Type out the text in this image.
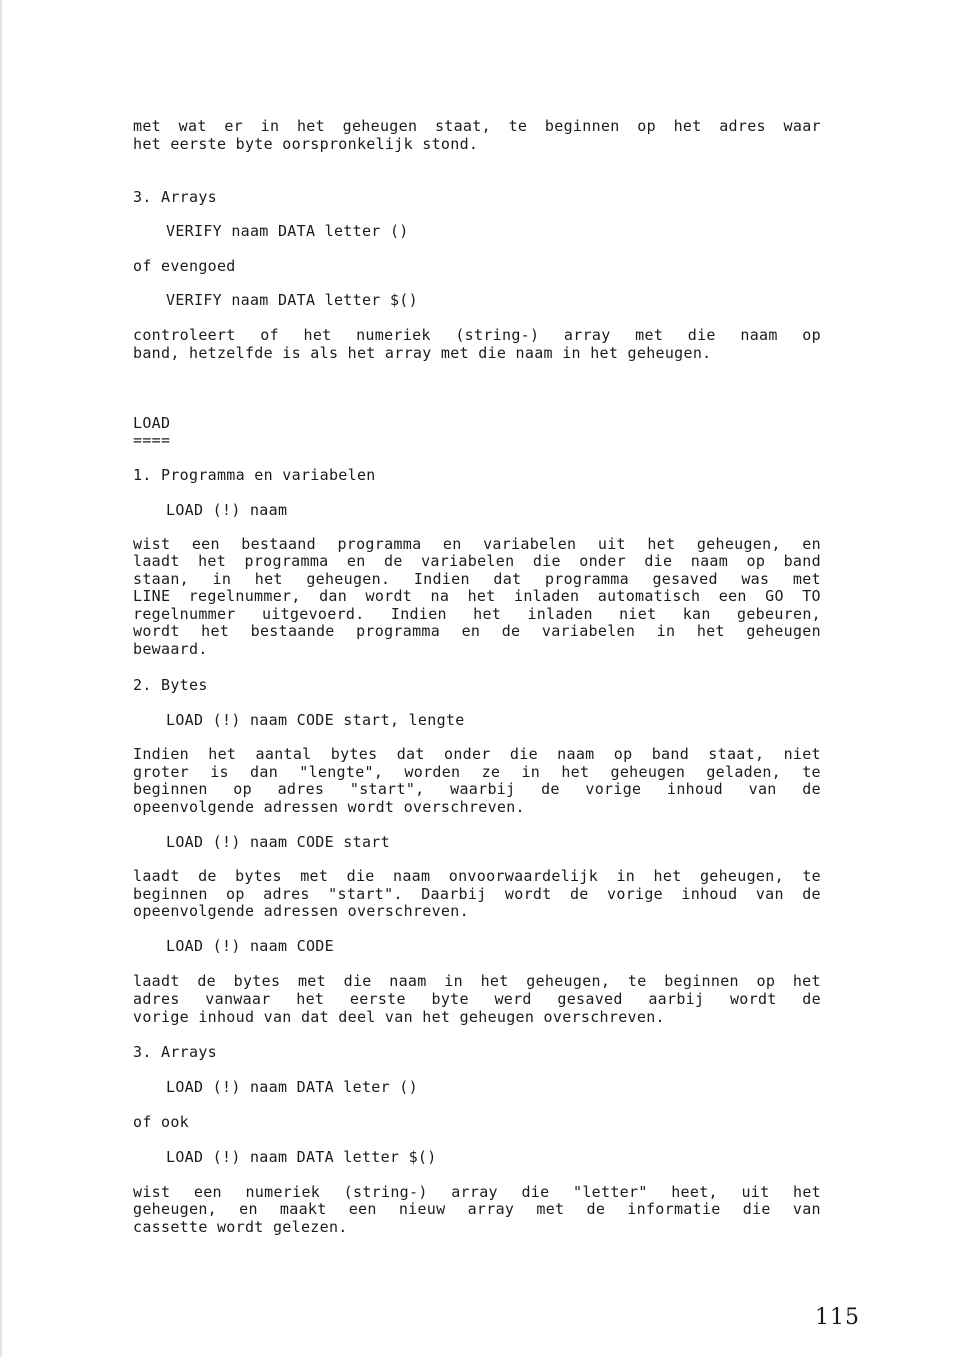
met wat er in het geheugen staat, te beginnen op het adres waar
het eerste byte oorspronkelijk stond.
3. Arrays
VERIFY naam DATA letter ()
of evengoed
VERIFY naam DATA letter $()
controleert of het numeriek (string-) array met die naam op
band, hetzelfde is als het array met die naam in het geheugen.
LOAD
====
1. Programma en variabelen
LOAD (!) naam
wist een bestaand programma en variabelen uit het geheugen, en
laadt het programma en de variabelen die onder die naam op band
staan, in het geheugen. Indien dat programma gesaved was met
LINE regelnummer, dan wordt na het inladen automatisch een GO TO
regelnummer uitgevoerd. Indien het inladen niet kan gebeuren,
wordt het bestaande programma en de variabelen in het geheugen
bewaard.
2. Bytes
LOAD (!) naam CODE start, lengte
Indien het aantal bytes dat onder die naam op band staat, niet
groter is dan "lengte", worden ze in het geheugen geladen, te
beginnen op adres "start", waarbij de vorige inhoud van de
opeenvolgende adressen wordt overschreven.
LOAD (!) naam CODE start
laadt de bytes met die naam onvoorwaardelijk in het geheugen, te
beginnen op adres "start". Daarbij wordt de vorige inhoud van de
opeenvolgende adressen overschreven.
LOAD (!) naam CODE
laadt de bytes met die naam in het geheugen, te beginnen op het
adres vanwaar het eerste byte werd gesaved aarbij wordt de
vorige inhoud van dat deel van het geheugen overschreven.
3. Arrays
LOAD (!) naam DATA leter ()
of ook
LOAD (!) naam DATA letter $()
wist een numeriek (string-) array die "letter" heet, uit het
geheugen, en maakt een nieuw array met de informatie die van
cassette wordt gelezen.
115
